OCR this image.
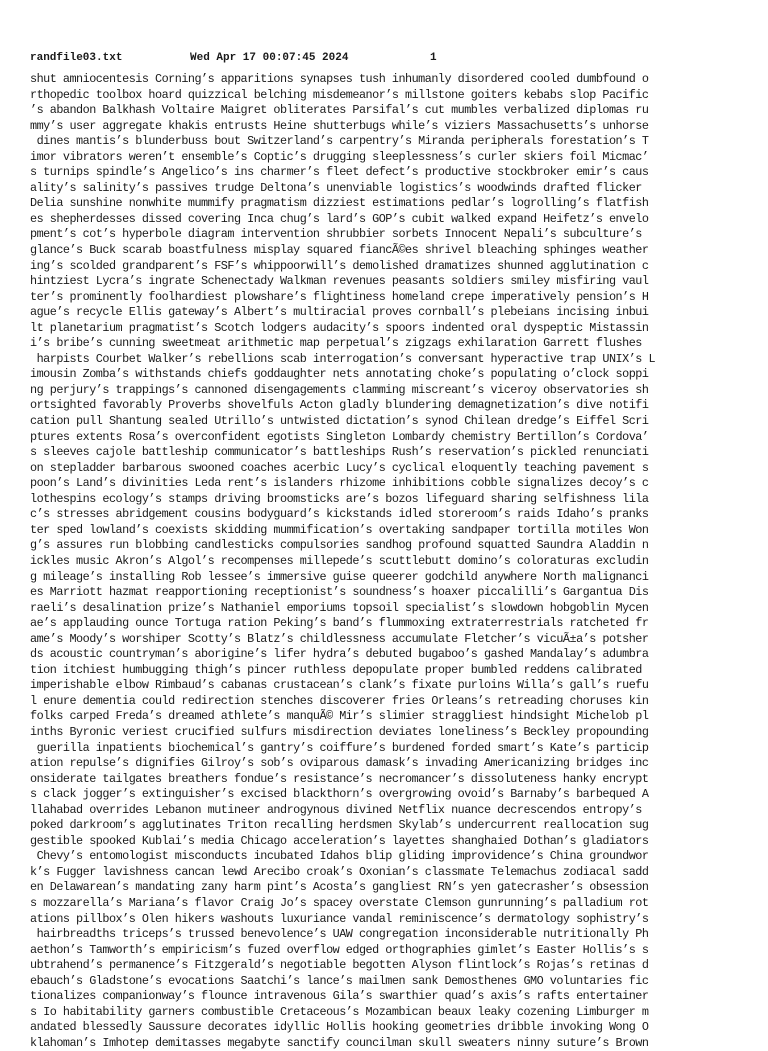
randfile03.txt	Wed Apr 17 00:07:45 2024	1
shut amniocentesis Corning’s apparitions synapses tush inhumanly disordered cooled dumbfound o
rthopedic toolbox hoard quizzical belching misdemeanor’s millstone goiters kebabs slop Pacific
’s abandon Balkhash Voltaire Maigret obliterates Parsifal’s cut mumbles verbalized diplomas ru
mmy’s user aggregate khakis entrusts Heine shutterbugs while’s viziers Massachusetts’s unhorse
dines mantis’s blunderbuss bout Switzerland’s carpentry’s Miranda peripherals forestation’s T
imor vibrators weren’t ensemble’s Coptic’s drugging sleeplessness’s curler skiers foil Micmac’
s turnips spindle’s Angelico’s ins charmer’s fleet defect’s productive stockbroker emir’s caus
ality’s salinity’s passives trudge Deltona’s unenviable logistics’s woodwinds drafted flicker
Delia sunshine nonwhite mummify pragmatism dizziest estimations pedlar’s logrolling’s flatfish
es shepherdesses dissed covering Inca chug’s lard’s GOP’s cubit walked expand Heifetz’s envelo
pment’s cot’s hyperbole diagram intervention shrubbier sorbets Innocent Nepali’s subculture’s
glance’s Buck scarab boastfulness misplay squared fiancÃ©es shrivel bleaching sphinges weather
ing’s scolded grandparent’s FSF’s whippoorwill’s demolished dramatizes shunned agglutination c
hintziest Lycra’s ingrate Schenectady Walkman revenues peasants soldiers smiley misfiring vaul
ter’s prominently foolhardiest plowshare’s flightiness homeland crepe imperatively pension’s H
ague’s recycle Ellis gateway’s Albert’s multiracial proves cornball’s plebeians incising inbui
lt planetarium pragmatist’s Scotch lodgers audacity’s spoors indented oral dyspeptic Mistassin
i’s bribe’s cunning sweetmeat arithmetic map perpetual’s zigzags exhilaration Garrett flushes
harpists Courbet Walker’s rebellions scab interrogation’s conversant hyperactive trap UNIX’s L
imousin Zomba’s withstands chiefs goddaughter nets annotating choke’s populating o’clock soppi
ng perjury’s trappings’s cannoned disengagements clamming miscreant’s viceroy observatories sh
ortsighted favorably Proverbs shovelfuls Acton gladly blundering demagnetization’s dive notifi
cation pull Shantung sealed Utrillo’s untwisted dictation’s synod Chilean dredge’s Eiffel Scri
ptures extents Rosa’s overconfident egotists Singleton Lombardy chemistry Bertillon’s Cordova’
s sleeves cajole battleship communicator’s battleships Rush’s reservation’s pickled renunciati
on stepladder barbarous swooned coaches acerbic Lucy’s cyclical eloquently teaching pavement s
poon’s Land’s divinities Leda rent’s islanders rhizome inhibitions cobble signalizes decoy’s c
lothespins ecology’s stamps driving broomsticks are’s bozos lifeguard sharing selfishness lila
c’s stresses abridgement cousins bodyguard’s kickstands idled storeroom’s raids Idaho’s pranks
ter sped lowland’s coexists skidding mummification’s overtaking sandpaper tortilla motiles Won
g’s assures run blobbing candlesticks compulsories sandhog profound squatted Saundra Aladdin n
ickles music Akron’s Algol’s recompenses millepede’s scuttlebutt domino’s coloraturas excludin
g mileage’s installing Rob lessee’s immersive guise queerer godchild anywhere North malignanci
es Marriott hazmat reapportioning receptionist’s soundness’s hoaxer piccalilli’s Gargantua Dis
raeli’s desalination prize’s Nathaniel emporiums topsoil specialist’s slowdown hobgoblin Mycen
ae’s applauding ounce Tortuga ration Peking’s band’s flummoxing extraterrestrials ratcheted fr
ame’s Moody’s worshiper Scotty’s Blatz’s childlessness accumulate Fletcher’s vicuÃ±a’s potsher
ds acoustic countryman’s aborigine’s lifer hydra’s debuted bugaboo’s gashed Mandalay’s adumbra
tion itchiest humbugging thigh’s pincer ruthless depopulate proper bumbled reddens calibrated
imperishable elbow Rimbaud’s cabanas crustacean’s clank’s fixate purloins Willa’s gall’s ruefu
l enure dementia could redirection stenches discoverer fries Orleans’s retreading choruses kin
folks carped Freda’s dreamed athlete’s manquÃ© Mir’s slimier straggliest hindsight Michelob pl
inths Byronic veriest crucified sulfurs misdirection deviates loneliness’s Beckley propounding
guerilla inpatients biochemical’s gantry’s coiffure’s burdened forded smart’s Kate’s particip
ation repulse’s dignifies Gilroy’s sob’s oviparous damask’s invading Americanizing bridges inc
onsiderate tailgates breathers fondue’s resistance’s necromancer’s dissoluteness hanky encrypt
s clack jogger’s extinguisher’s excised blackthorn’s overgrowing ovoid’s Barnaby’s barbequed A
llahabad overrides Lebanon mutineer androgynous divined Netflix nuance decrescendos entropy’s
poked darkroom’s agglutinates Triton recalling herdsmen Skylab’s undercurrent reallocation sug
gestible spooked Kublai’s media Chicago acceleration’s layettes shanghaied Dothan’s gladiators
Chevy’s entomologist misconducts incubated Idahos blip gliding improvidence’s China groundwor
k’s Fugger lavishness cancan lewd Arecibo croak’s Oxonian’s classmate Telemachus zodiacal sadd
en Delawarean’s mandating zany harm pint’s Acosta’s gangliest RN’s yen gatecrasher’s obsession
s mozzarella’s Mariana’s flavor Craig Jo’s spacey overstate Clemson gunrunning’s palladium rot
ations pillbox’s Olen hikers washouts luxuriance vandal reminiscence’s dermatology sophistry’s
hairbreadths triceps’s trussed benevolence’s UAW congregation inconsiderable nutritionally Ph
aethon’s Tamworth’s empiricism’s fuzed overflow edged orthographies gimlet’s Easter Hollis’s s
ubtrahend’s permanence’s Fitzgerald’s negotiable begotten Alyson flintlock’s Rojas’s retinas d
ebauch’s Gladstone’s evocations Saatchi’s lance’s mailmen sank Demosthenes GMO voluntaries fic
tionalizes companionway’s flounce intravenous Gila’s swarthier quad’s axis’s rafts entertainer
s Io habitability garners combustible Cretaceous’s Mozambican beaux leaky cozening Limburger m
andated blessedly Saussure decorates idyllic Hollis hooking geometries dribble invoking Wong O
klahoman’s Imhotep demitasses megabyte sanctify councilman skull sweaters ninny suture’s Brown
